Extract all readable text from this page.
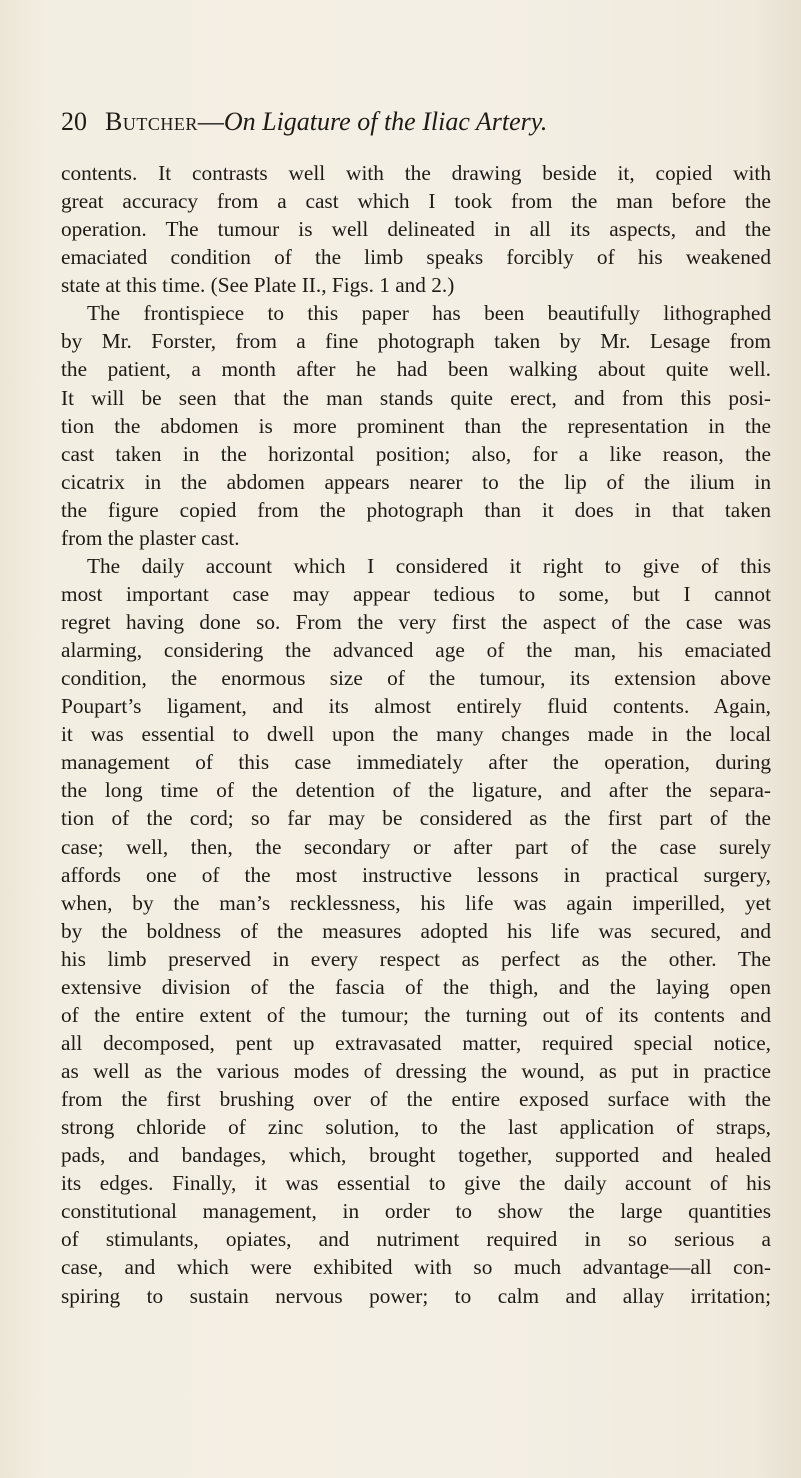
20 Butcher—On Ligature of the Iliac Artery.
contents. It contrasts well with the drawing beside it, copied with
great accuracy from a cast which I took from the man before the
operation. The tumour is well delineated in all its aspects, and the
emaciated condition of the limb speaks forcibly of his weakened
state at this time. (See Plate II., Figs. 1 and 2.)
The frontispiece to this paper has been beautifully lithographed
by Mr. Forster, from a fine photograph taken by Mr. Lesage from
the patient, a month after he had been walking about quite well.
It will be seen that the man stands quite erect, and from this posi-
tion the abdomen is more prominent than the representation in the
cast taken in the horizontal position; also, for a like reason, the
cicatrix in the abdomen appears nearer to the lip of the ilium in
the figure copied from the photograph than it does in that taken
from the plaster cast.
The daily account which I considered it right to give of this
most important case may appear tedious to some, but I cannot
regret having done so. From the very first the aspect of the case was
alarming, considering the advanced age of the man, his emaciated
condition, the enormous size of the tumour, its extension above
Poupart’s ligament, and its almost entirely fluid contents. Again,
it was essential to dwell upon the many changes made in the local
management of this case immediately after the operation, during
the long time of the detention of the ligature, and after the separa-
tion of the cord; so far may be considered as the first part of the
case; well, then, the secondary or after part of the case surely
affords one of the most instructive lessons in practical surgery,
when, by the man’s recklessness, his life was again imperilled, yet
by the boldness of the measures adopted his life was secured, and
his limb preserved in every respect as perfect as the other. The
extensive division of the fascia of the thigh, and the laying open
of the entire extent of the tumour; the turning out of its contents and
all decomposed, pent up extravasated matter, required special notice,
as well as the various modes of dressing the wound, as put in practice
from the first brushing over of the entire exposed surface with the
strong chloride of zinc solution, to the last application of straps,
pads, and bandages, which, brought together, supported and healed
its edges. Finally, it was essential to give the daily account of his
constitutional management, in order to show the large quantities
of stimulants, opiates, and nutriment required in so serious a
case, and which were exhibited with so much advantage—all con-
spiring to sustain nervous power; to calm and allay irritation;
